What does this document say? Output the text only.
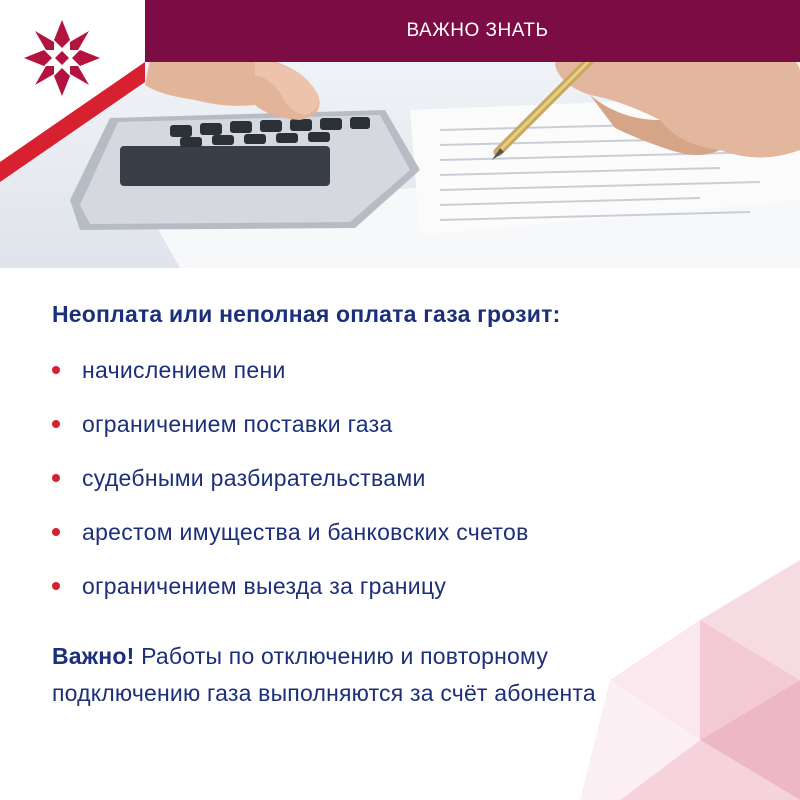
ВАЖНО ЗНАТЬ

Неоплата или неполная оплата газа грозит:

начислением пени
ограничением поставки газа
судебными разбирательствами
арестом имущества и банковских счетов
ограничением выезда за границу

Важно! Работы по отключению и повторному подключению газа выполняются за счёт абонента
